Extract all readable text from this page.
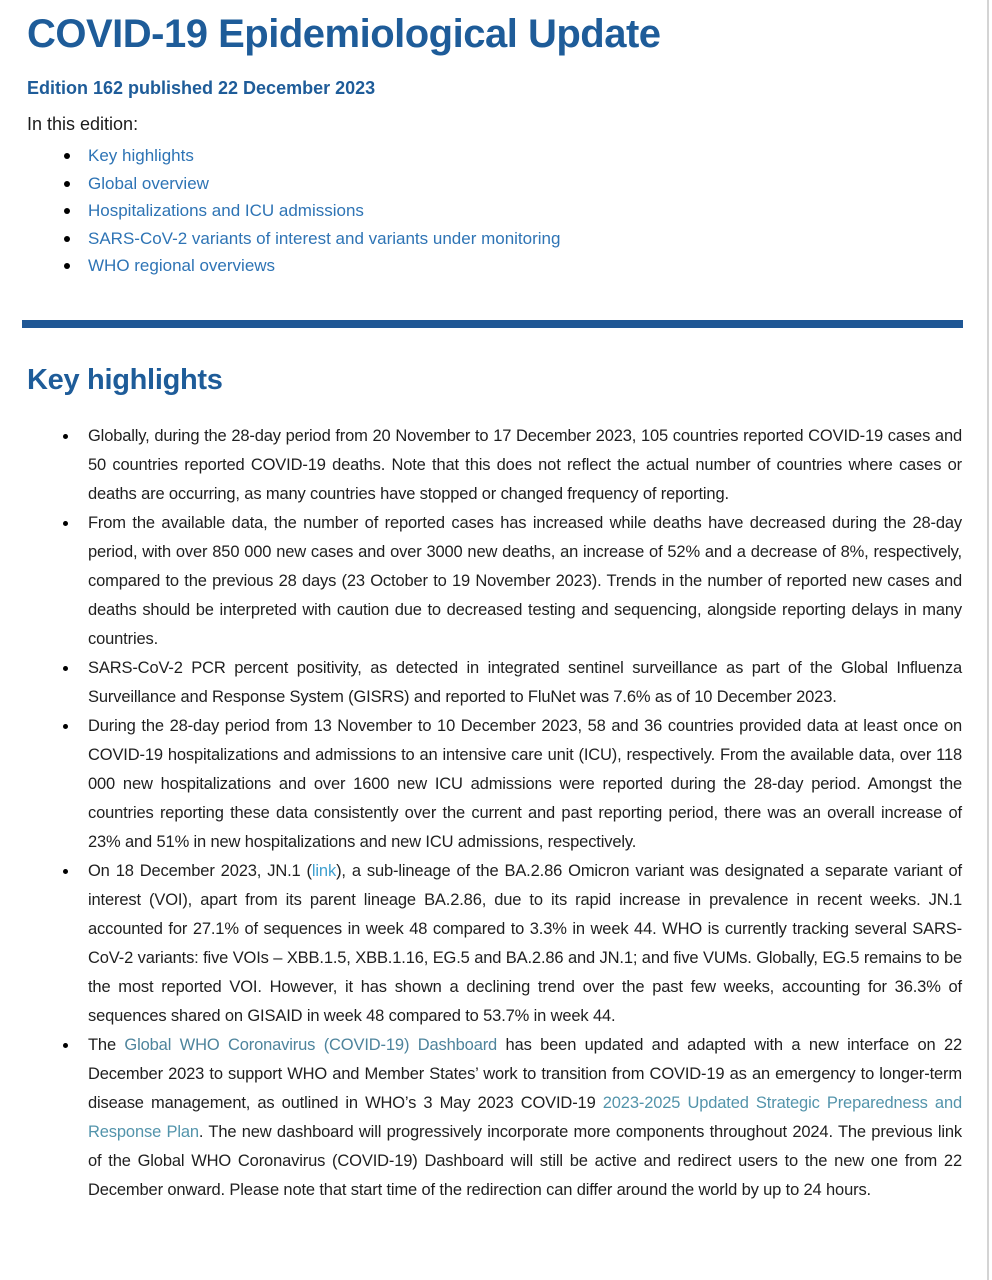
COVID-19 Epidemiological Update

Edition 162 published 22 December 2023

In this edition:

Key highlights
Global overview
Hospitalizations and ICU admissions
SARS-CoV-2 variants of interest and variants under monitoring
WHO regional overviews
Key highlights
Globally, during the 28-day period from 20 November to 17 December 2023, 105 countries reported COVID-19 cases and 50 countries reported COVID-19 deaths. Note that this does not reflect the actual number of countries where cases or deaths are occurring, as many countries have stopped or changed frequency of reporting.
From the available data, the number of reported cases has increased while deaths have decreased during the 28-day period, with over 850 000 new cases and over 3000 new deaths, an increase of 52% and a decrease of 8%, respectively, compared to the previous 28 days (23 October to 19 November 2023). Trends in the number of reported new cases and deaths should be interpreted with caution due to decreased testing and sequencing, alongside reporting delays in many countries.
SARS-CoV-2 PCR percent positivity, as detected in integrated sentinel surveillance as part of the Global Influenza Surveillance and Response System (GISRS) and reported to FluNet was 7.6% as of 10 December 2023.
During the 28-day period from 13 November to 10 December 2023, 58 and 36 countries provided data at least once on COVID-19 hospitalizations and admissions to an intensive care unit (ICU), respectively. From the available data, over 118 000 new hospitalizations and over 1600 new ICU admissions were reported during the 28-day period. Amongst the countries reporting these data consistently over the current and past reporting period, there was an overall increase of 23% and 51% in new hospitalizations and new ICU admissions, respectively.
On 18 December 2023, JN.1 (link), a sub-lineage of the BA.2.86 Omicron variant was designated a separate variant of interest (VOI), apart from its parent lineage BA.2.86, due to its rapid increase in prevalence in recent weeks. JN.1 accounted for 27.1% of sequences in week 48 compared to 3.3% in week 44. WHO is currently tracking several SARS-CoV-2 variants: five VOIs – XBB.1.5, XBB.1.16, EG.5 and BA.2.86 and JN.1; and five VUMs. Globally, EG.5 remains to be the most reported VOI. However, it has shown a declining trend over the past few weeks, accounting for 36.3% of sequences shared on GISAID in week 48 compared to 53.7% in week 44.
The Global WHO Coronavirus (COVID-19) Dashboard has been updated and adapted with a new interface on 22 December 2023 to support WHO and Member States’ work to transition from COVID-19 as an emergency to longer-term disease management, as outlined in WHO’s 3 May 2023 COVID-19 2023-2025 Updated Strategic Preparedness and Response Plan. The new dashboard will progressively incorporate more components throughout 2024. The previous link of the Global WHO Coronavirus (COVID-19) Dashboard will still be active and redirect users to the new one from 22 December onward. Please note that start time of the redirection can differ around the world by up to 24 hours.
